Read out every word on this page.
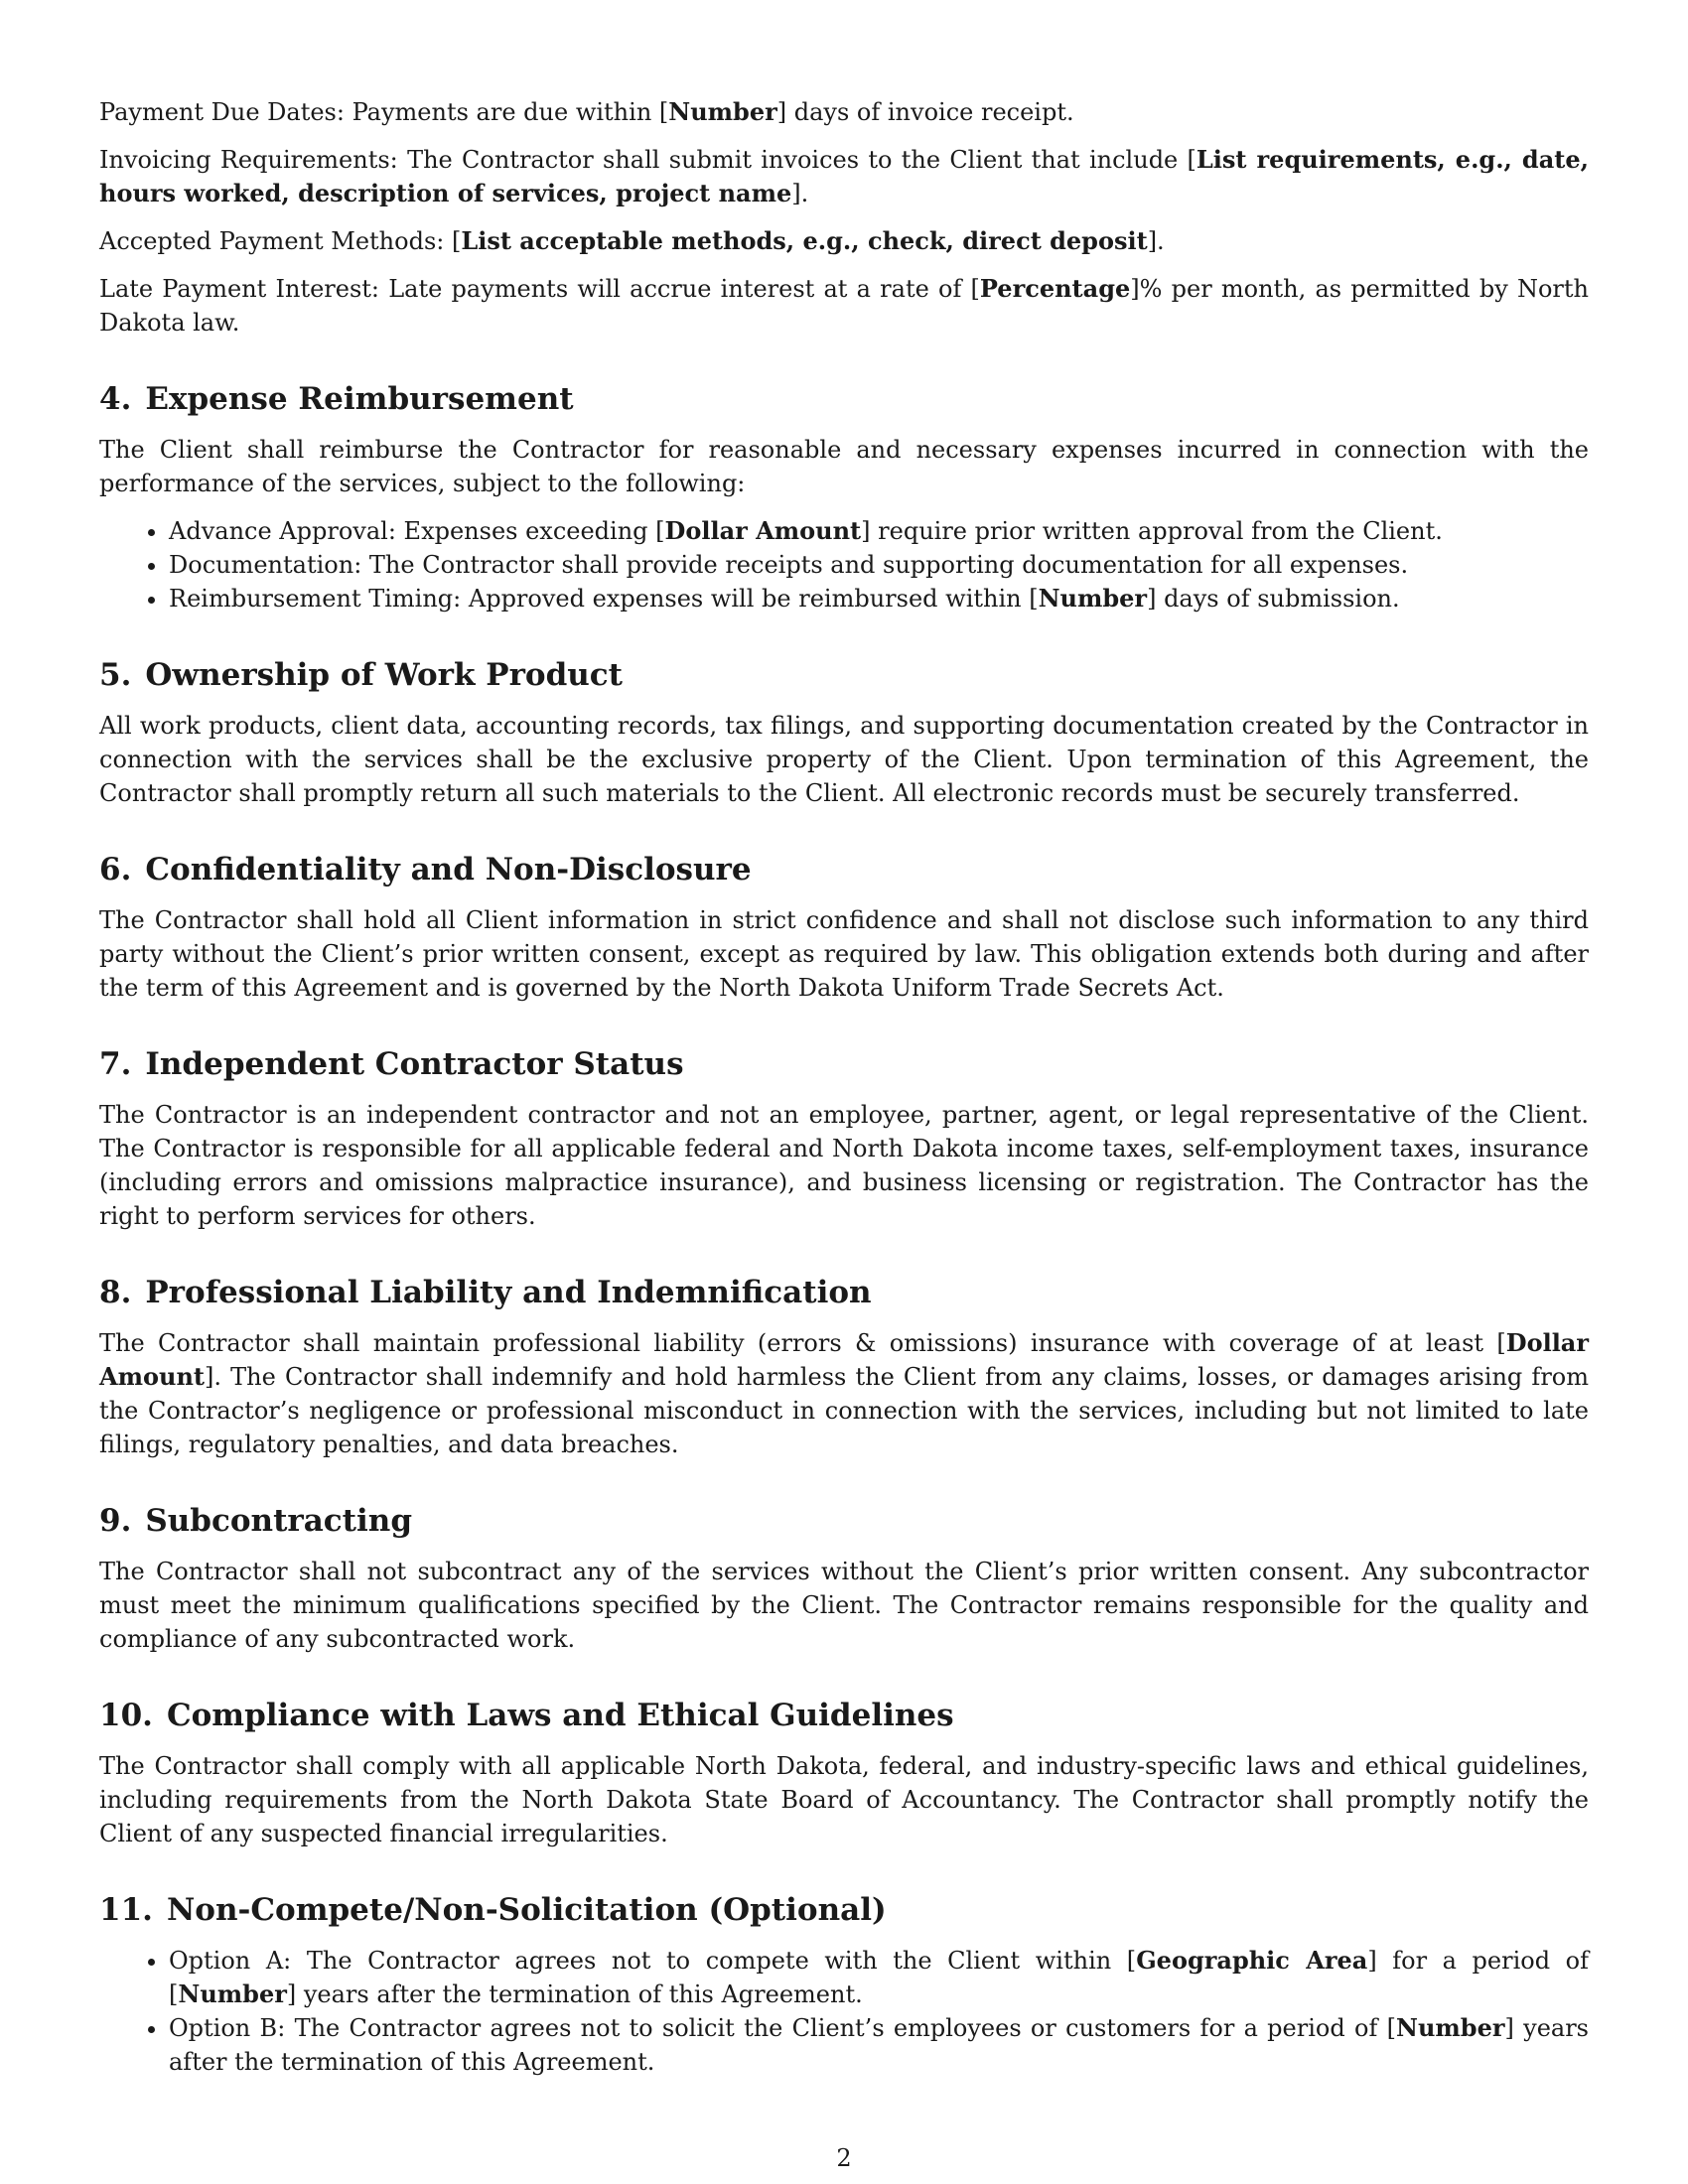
Payment Due Dates: Payments are due within [Number] days of invoice receipt.

Invoicing Requirements: The Contractor shall submit invoices to the Client that include [List requirements, e.g., date, hours worked, description of services, project name].

Accepted Payment Methods: [List acceptable methods, e.g., check, direct deposit].

Late Payment Interest: Late payments will accrue interest at a rate of [Percentage]% per month, as permitted by North Dakota law.

4. Expense Reimbursement

The Client shall reimburse the Contractor for reasonable and necessary expenses incurred in connection with the performance of the services, subject to the following:

• Advance Approval: Expenses exceeding [Dollar Amount] require prior written approval from the Client.
• Documentation: The Contractor shall provide receipts and supporting documentation for all expenses.
• Reimbursement Timing: Approved expenses will be reimbursed within [Number] days of submission.
5. Ownership of Work Product

All work products, client data, accounting records, tax filings, and supporting documentation created by the Contractor in connection with the services shall be the exclusive property of the Client. Upon termination of this Agreement, the Contractor shall promptly return all such materials to the Client. All electronic records must be securely transferred.

6. Confidentiality and Non-Disclosure

The Contractor shall hold all Client information in strict confidence and shall not disclose such information to any third party without the Client’s prior written consent, except as required by law. This obligation extends both during and after the term of this Agreement and is governed by the North Dakota Uniform Trade Secrets Act.

7. Independent Contractor Status

The Contractor is an independent contractor and not an employee, partner, agent, or legal representative of the Client. The Contractor is responsible for all applicable federal and North Dakota income taxes, self-employment taxes, insurance (including errors and omissions malpractice insurance), and business licensing or registration. The Contractor has the right to perform services for others.

8. Professional Liability and Indemnification

The Contractor shall maintain professional liability (errors & omissions) insurance with coverage of at least [Dollar Amount]. The Contractor shall indemnify and hold harmless the Client from any claims, losses, or damages arising from the Contractor’s negligence or professional misconduct in connection with the services, including but not limited to late filings, regulatory penalties, and data breaches.

9. Subcontracting

The Contractor shall not subcontract any of the services without the Client’s prior written consent. Any subcontractor must meet the minimum qualifications specified by the Client. The Contractor remains responsible for the quality and compliance of any subcontracted work.

10. Compliance with Laws and Ethical Guidelines

The Contractor shall comply with all applicable North Dakota, federal, and industry-specific laws and ethical guidelines, including requirements from the North Dakota State Board of Accountancy. The Contractor shall promptly notify the Client of any suspected financial irregularities.

11. Non-Compete/Non-Solicitation (Optional)
• Option A: The Contractor agrees not to compete with the Client within [Geographic Area] for a period of [Number] years after the termination of this Agreement.
• Option B: The Contractor agrees not to solicit the Client’s employees or customers for a period of [Number] years after the termination of this Agreement.
2
